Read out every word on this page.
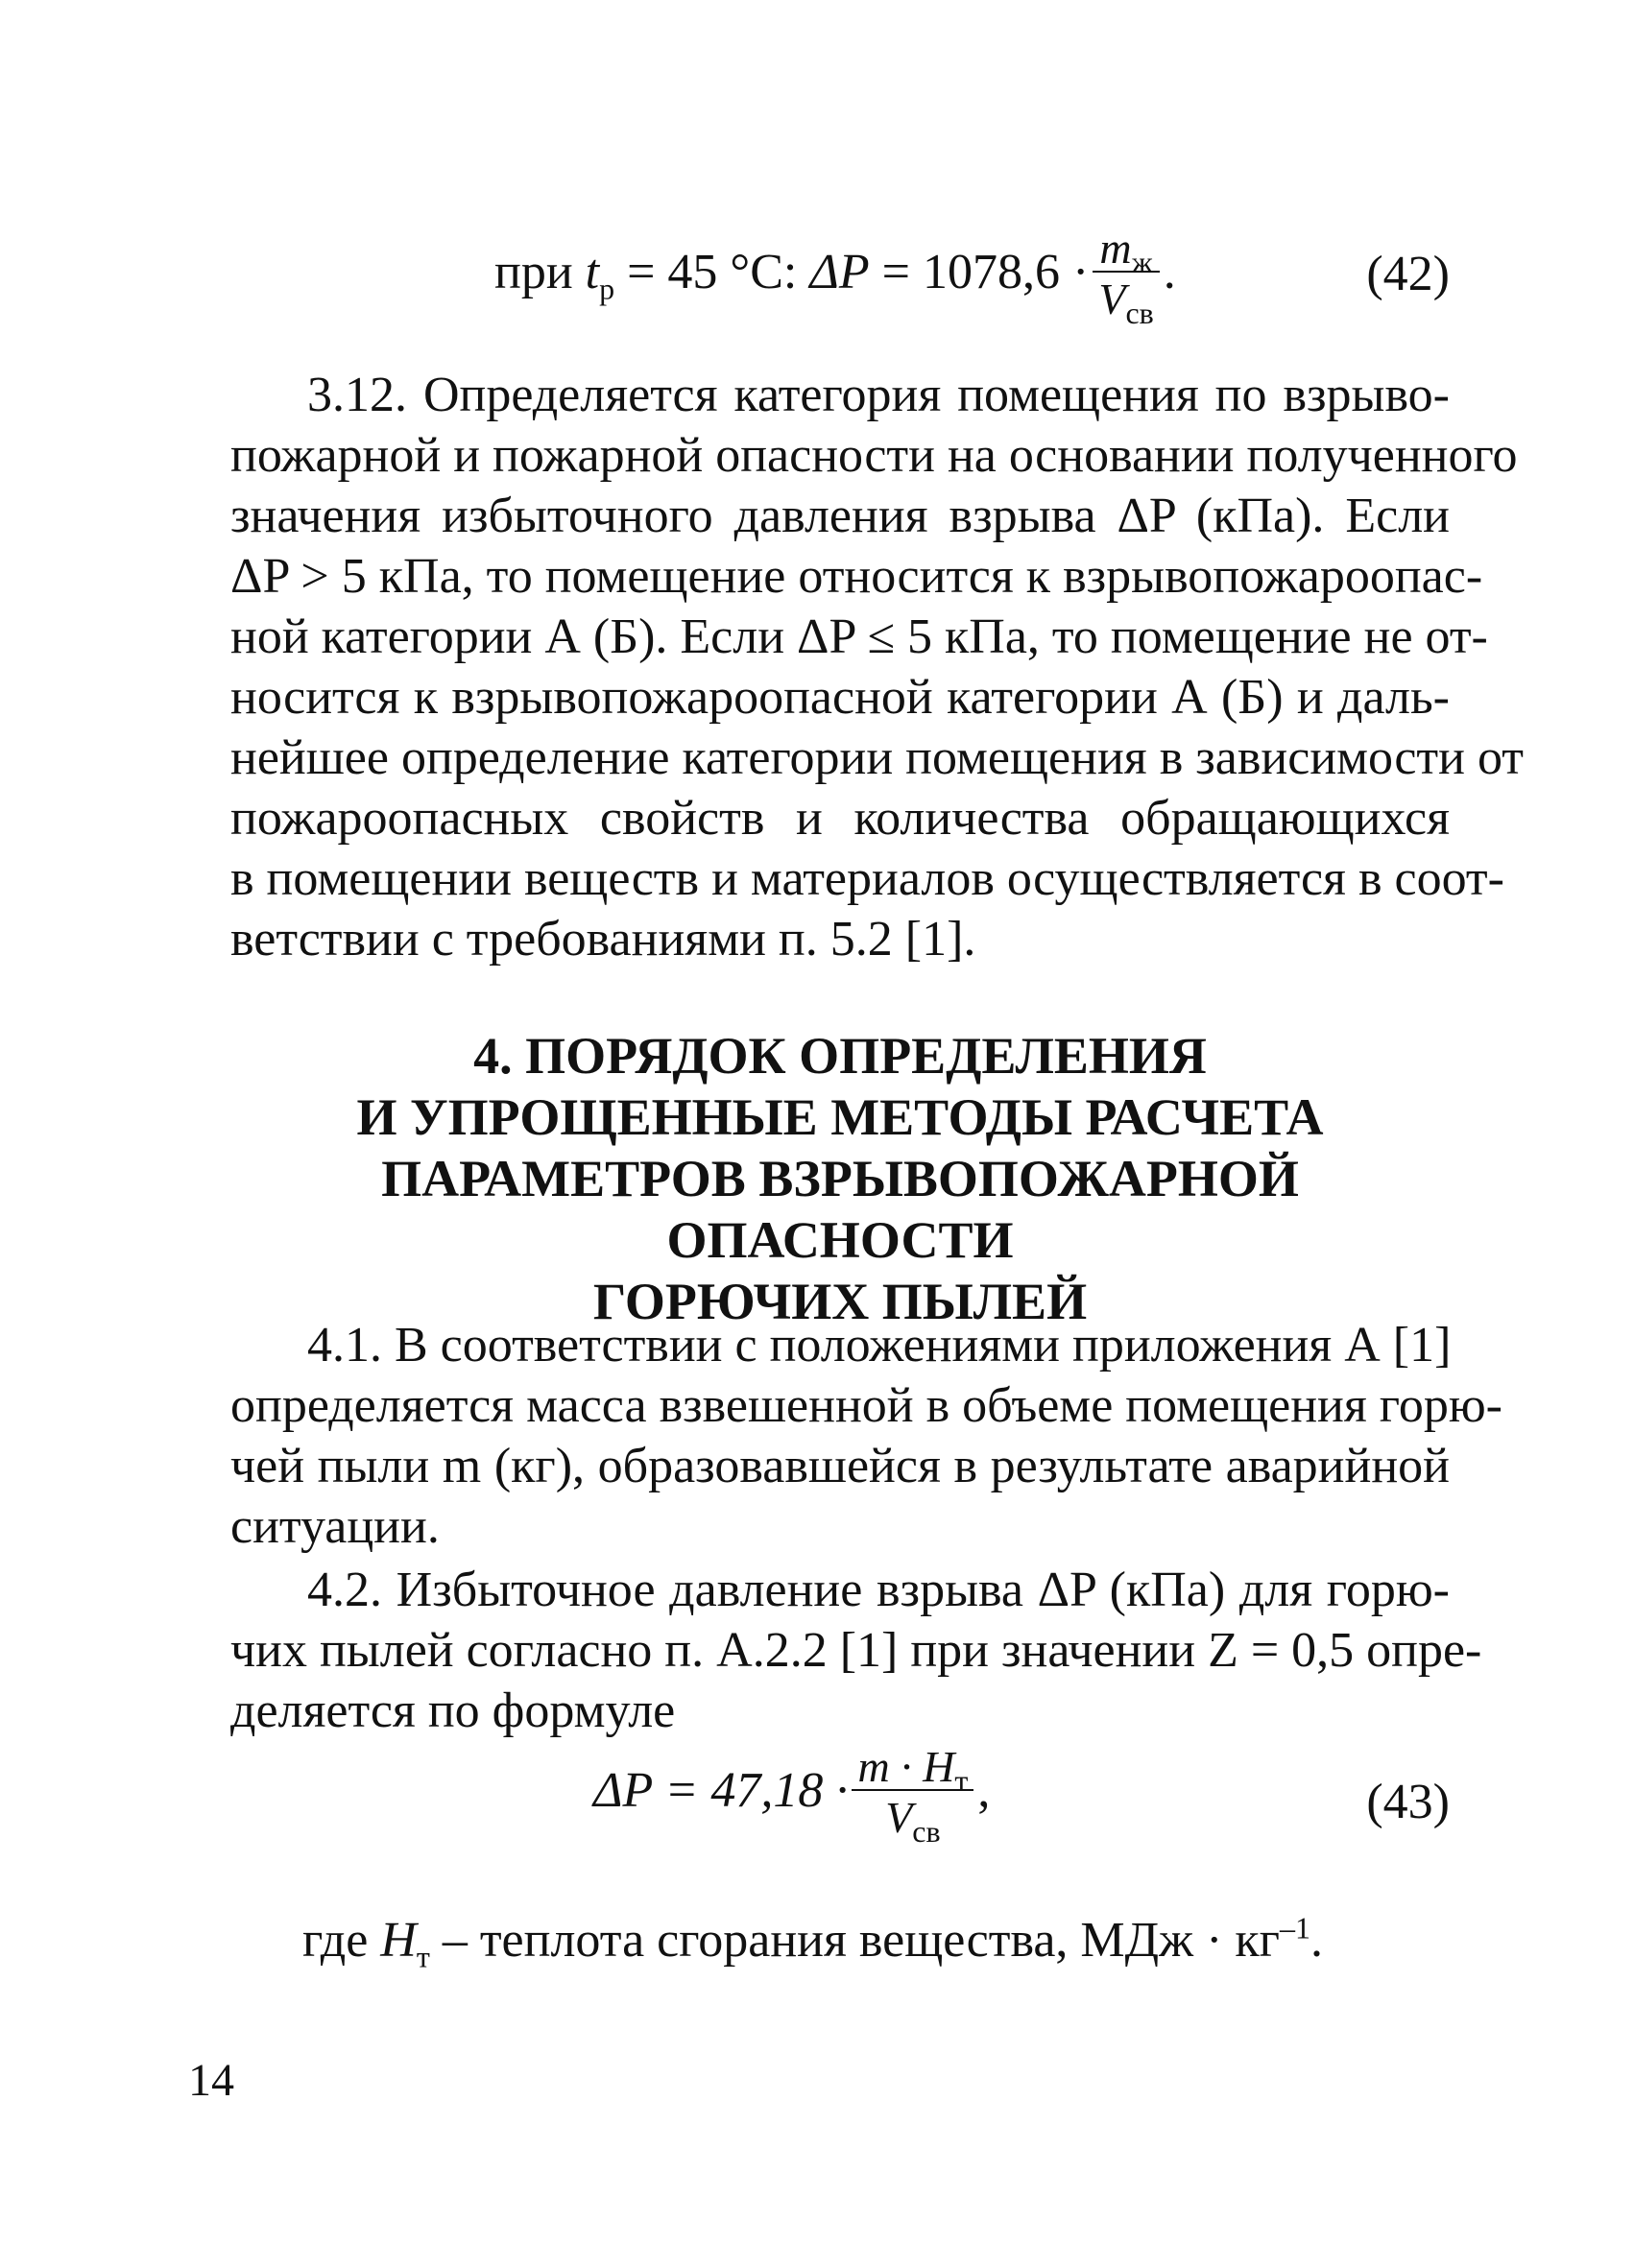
при $t_р = 45$ °C: $\Delta P = 1078,6 \cdot \frac{m_ж}{V_{св}}$ .	(42)
3.12. Определяется категория помещения по взрыво-
пожарной и пожарной опасности на основании полученного
значения избыточного давления взрыва ΔP (кПа). Если
ΔP > 5 кПа, то помещение относится к взрывопожароопас-
ной категории А (Б). Если ΔP ≤ 5 кПа, то помещение не от-
носится к взрывопожароопасной категории А (Б) и даль-
нейшее определение категории помещения в зависимости от
пожароопасных свойств и количества обращающихся
в помещении веществ и материалов осуществляется в соот-
ветствии с требованиями п. 5.2 [1].
4. ПОРЯДОК ОПРЕДЕЛЕНИЯ
И УПРОЩЕННЫЕ МЕТОДЫ РАСЧЕТА
ПАРАМЕТРОВ ВЗРЫВОПОЖАРНОЙ ОПАСНОСТИ
ГОРЮЧИХ ПЫЛЕЙ
4.1. В соответствии с положениями приложения А [1]
определяется масса взвешенной в объеме помещения горю-
чей пыли m (кг), образовавшейся в результате аварийной
ситуации.
4.2. Избыточное давление взрыва ΔP (кПа) для горю-
чих пылей согласно п. А.2.2 [1] при значении Z = 0,5 опре-
деляется по формуле
$\Delta P = 47,18 \cdot \frac{m \cdot H_т}{V_{св}}$ ,	(43)
где $H_т$ – теплота сгорания вещества, МДж · $кг^{-1}$.
14
